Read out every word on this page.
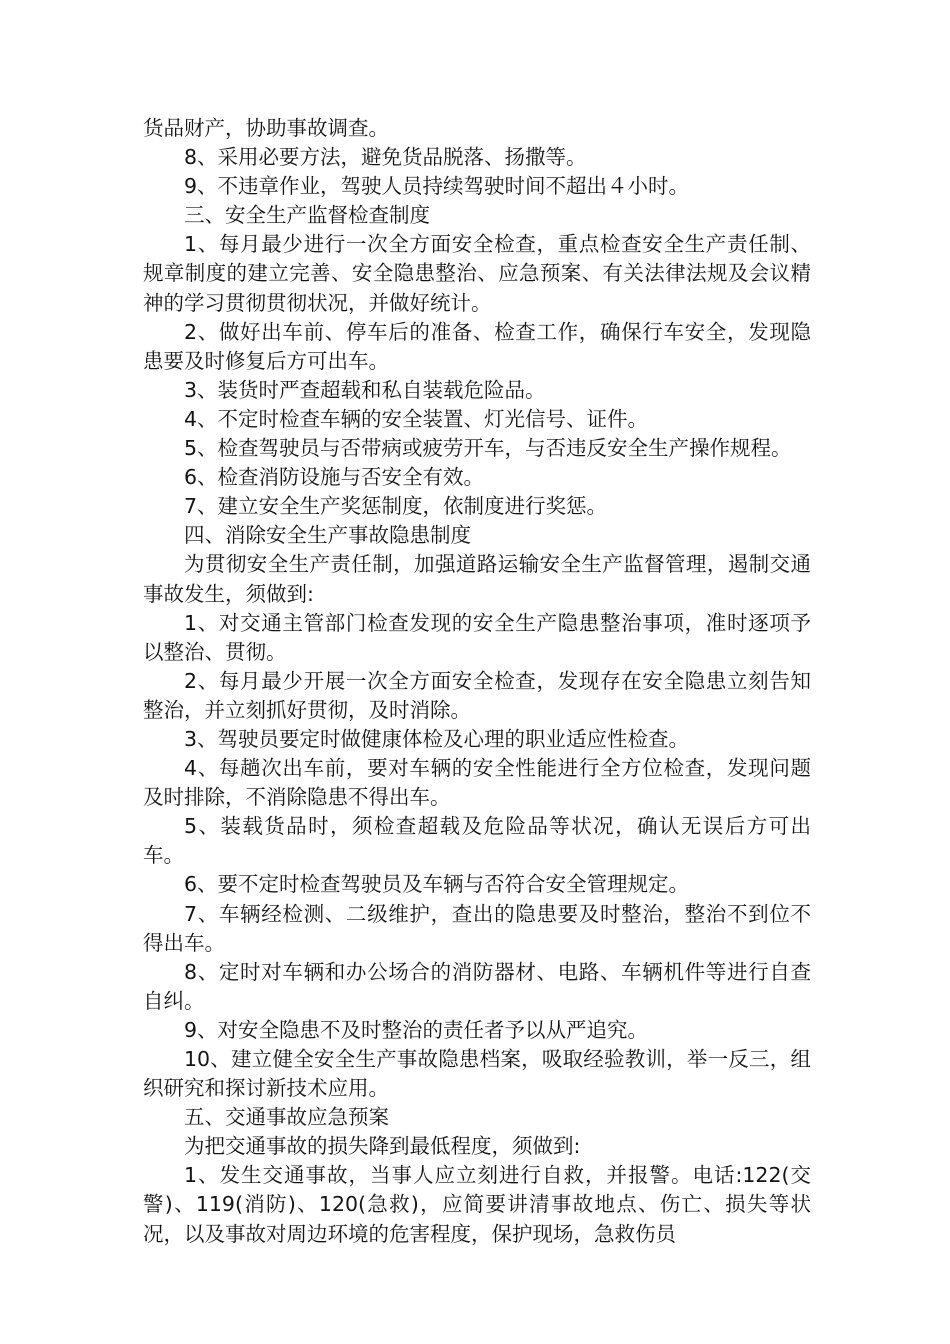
货品财产，协助事故调查。

8、采用必要方法，避免货品脱落、扬撒等。

9、不违章作业，驾驶人员持续驾驶时间不超出４小时。

三、安全生产监督检查制度

1、每月最少进行一次全方面安全检查，重点检查安全生产责任制、规章制度的建立完善、安全隐患整治、应急预案、有关法律法规及会议精神的学习贯彻贯彻状况，并做好统计。

2、做好出车前、停车后的准备、检查工作，确保行车安全，发现隐患要及时修复后方可出车。

3、装货时严查超载和私自装载危险品。

4、不定时检查车辆的安全装置、灯光信号、证件。

5、检查驾驶员与否带病或疲劳开车，与否违反安全生产操作规程。

6、检查消防设施与否安全有效。

7、建立安全生产奖惩制度，依制度进行奖惩。

四、消除安全生产事故隐患制度

为贯彻安全生产责任制，加强道路运输安全生产监督管理，遏制交通事故发生，须做到:

1、对交通主管部门检查发现的安全生产隐患整治事项，准时逐项予以整治、贯彻。

2、每月最少开展一次全方面安全检查，发现存在安全隐患立刻告知整治，并立刻抓好贯彻，及时消除。

3、驾驶员要定时做健康体检及心理的职业适应性检查。

4、每趟次出车前，要对车辆的安全性能进行全方位检查，发现问题及时排除，不消除隐患不得出车。

5、装载货品时，须检查超载及危险品等状况，确认无误后方可出车。

6、要不定时检查驾驶员及车辆与否符合安全管理规定。

7、车辆经检测、二级维护，查出的隐患要及时整治，整治不到位不得出车。

8、定时对车辆和办公场合的消防器材、电路、车辆机件等进行自查自纠。

9、对安全隐患不及时整治的责任者予以从严追究。

10、建立健全安全生产事故隐患档案，吸取经验教训，举一反三，组织研究和探讨新技术应用。

五、交通事故应急预案

为把交通事故的损失降到最低程度，须做到:

1、发生交通事故，当事人应立刻进行自救，并报警。电话:122(交警)、119(消防)、120(急救)，应简要讲清事故地点、伤亡、损失等状况，以及事故对周边环境的危害程度，保护现场，急救伤员
